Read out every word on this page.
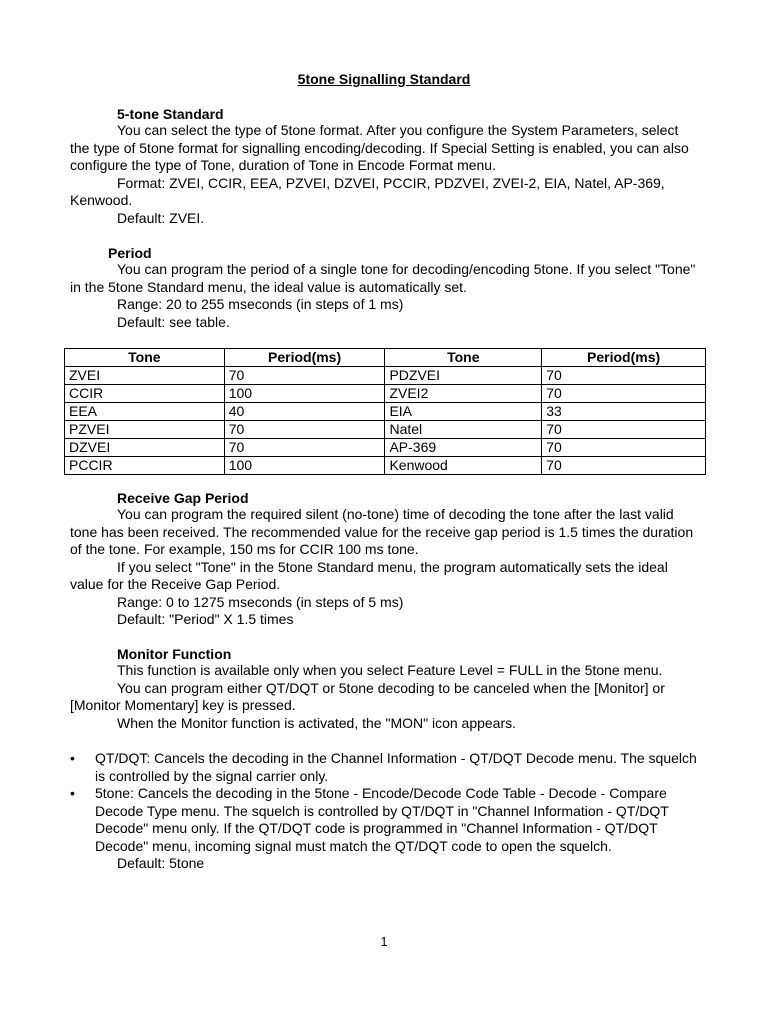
5tone Signalling Standard
5-tone Standard

You can select the type of 5tone format. After you configure the System Parameters, select the type of 5tone format for signalling encoding/decoding. If Special Setting is enabled, you can also configure the type of Tone, duration of Tone in Encode Format menu.

Format: ZVEI, CCIR, EEA, PZVEI, DZVEI, PCCIR, PDZVEI, ZVEI-2, EIA, Natel, AP-369, Kenwood.

Default: ZVEI.

Period

You can program the period of a single tone for decoding/encoding 5tone. If you select "Tone" in the 5tone Standard menu, the ideal value is automatically set.

Range: 20 to 255 mseconds (in steps of 1 ms)

Default: see table.

Tone	Period(ms)	Tone	Period(ms)
ZVEI	70	PDZVEI	70
CCIR	100	ZVEI2	70
EEA	40	EIA	33
PZVEI	70	Natel	70
DZVEI	70	AP-369	70
PCCIR	100	Kenwood	70
Receive Gap Period

You can program the required silent (no-tone) time of decoding the tone after the last valid tone has been received. The recommended value for the receive gap period is 1.5 times the duration of the tone. For example, 150 ms for CCIR 100 ms tone.

If you select "Tone" in the 5tone Standard menu, the program automatically sets the ideal value for the Receive Gap Period.

Range: 0 to 1275 mseconds (in steps of 5 ms)

Default: "Period" X 1.5 times

Monitor Function

This function is available only when you select Feature Level = FULL in the 5tone menu.

You can program either QT/DQT or 5tone decoding to be canceled when the [Monitor] or [Monitor Momentary] key is pressed.

When the Monitor function is activated, the "MON" icon appears.

• QT/DQT: Cancels the decoding in the Channel Information - QT/DQT Decode menu. The squelch is controlled by the signal carrier only.
• 5tone: Cancels the decoding in the 5tone - Encode/Decode Code Table - Decode - Compare Decode Type menu. The squelch is controlled by QT/DQT in "Channel Information - QT/DQT Decode" menu only. If the QT/DQT code is programmed in "Channel Information - QT/DQT Decode" menu, incoming signal must match the QT/DQT code to open the squelch.

Default: 5tone

1
